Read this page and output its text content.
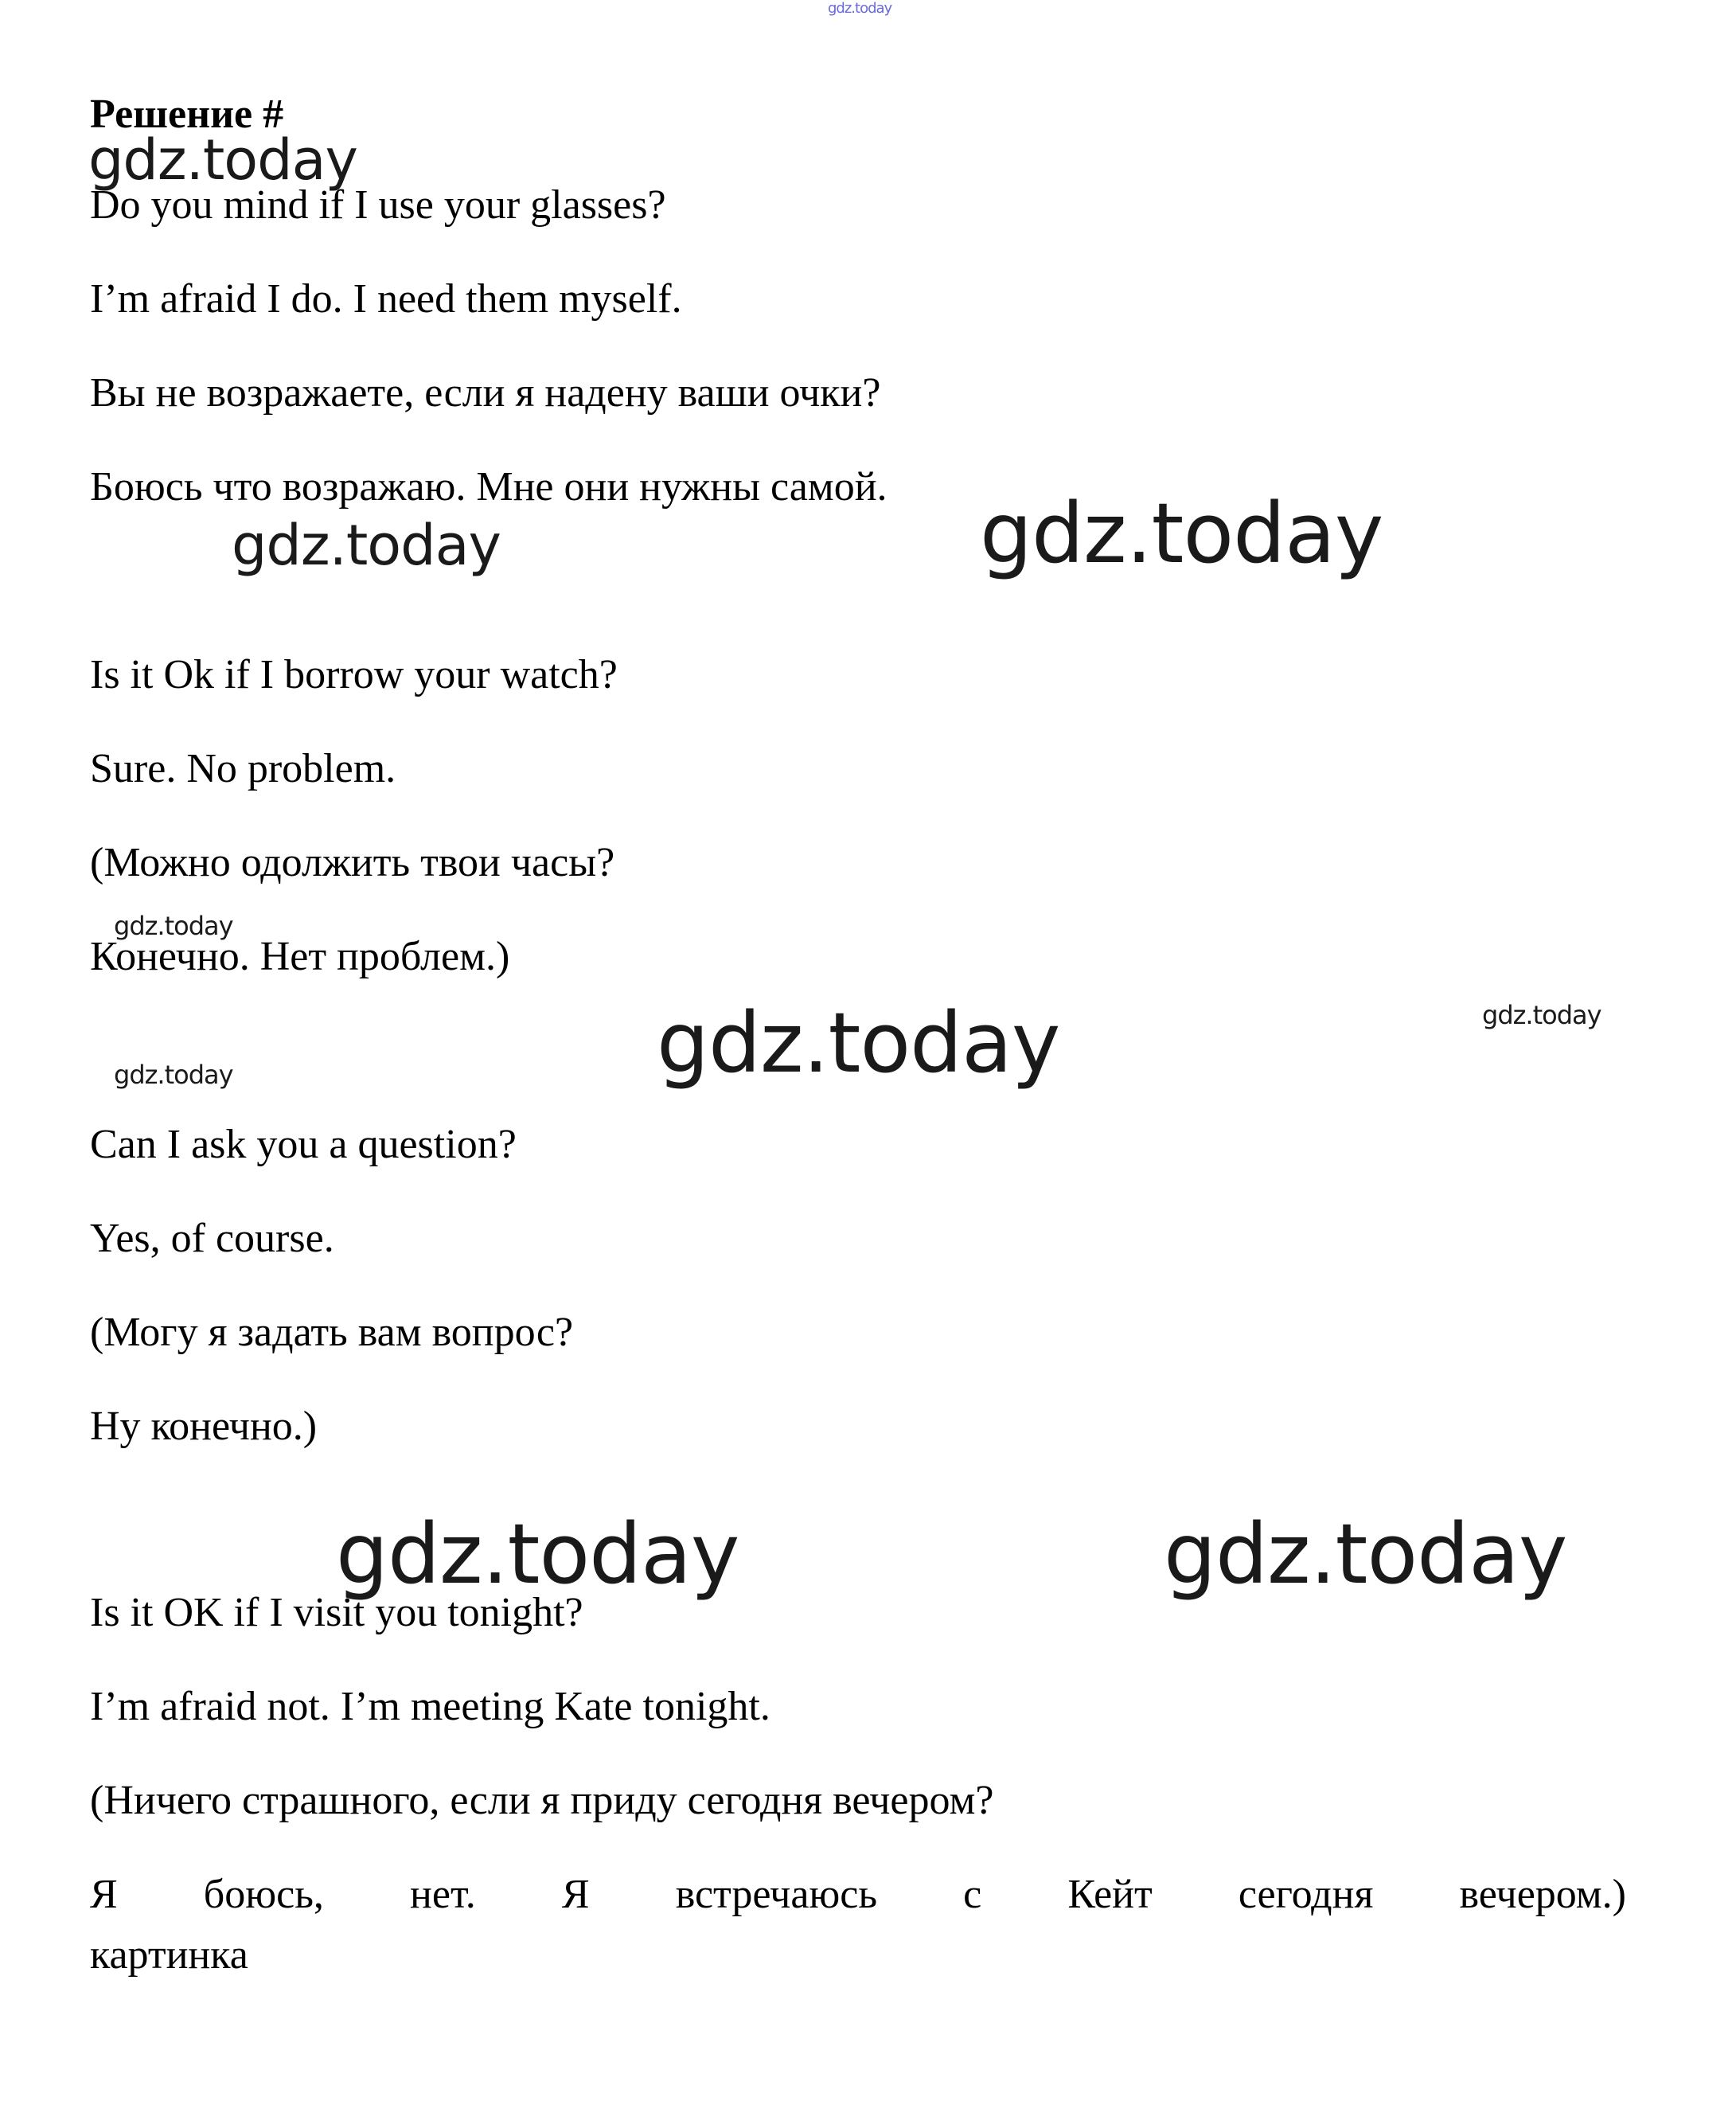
gdz.today
Решение #
gdz.today
Do you mind if I use your glasses?
I’m afraid I do. I need them myself.
Вы не возражаете, если я надену ваши очки?
Боюсь что возражаю. Мне они нужны самой.
gdz.today	gdz.today
Is it Ok if I borrow your watch?
Sure. No problem.
(Можно одолжить твои часы?
gdz.today
Конечно. Нет проблем.)
gdz.today	gdz.today
gdz.today
Can I ask you a question?
Yes, of course.
(Могу я задать вам вопрос?
Ну конечно.)
gdz.today	gdz.today
Is it OK if I visit you tonight?
I’m afraid not. I’m meeting Kate tonight.
(Ничего страшного, если я приду сегодня вечером?
Я боюсь, нет. Я встречаюсь с Кейт сегодня вечером.)
картинка
